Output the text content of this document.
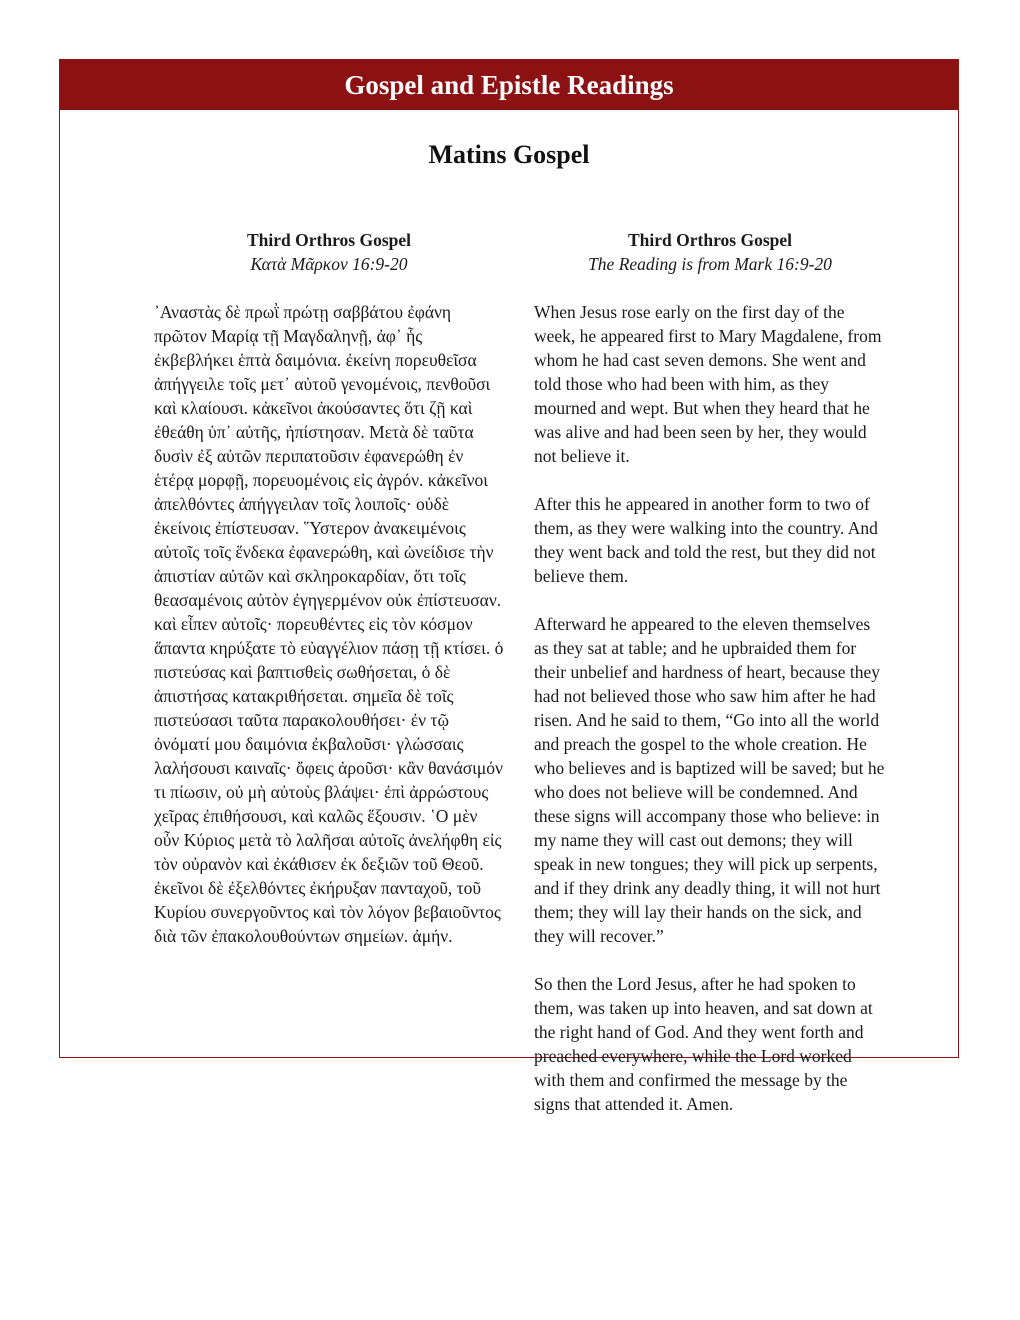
Gospel and Epistle Readings
Matins Gospel
Third Orthros Gospel
Κατὰ Μᾶρκον 16:9-20

᾿Αναστὰς δὲ πρωῒ πρώτῃ σαββάτου ἐφάνη πρῶτον Μαρίᾳ τῇ Μαγδαληνῇ, ἀφ᾿ ἧς ἐκβεβλήκει ἑπτὰ δαιμόνια. ἐκείνη πορευθεῖσα ἀπήγγειλε τοῖς μετ᾿ αὐτοῦ γενομένοις, πενθοῦσι καὶ κλαίουσι. κἀκεῖνοι ἀκούσαντες ὅτι ζῇ καὶ ἐθεάθη ὑπ᾿ αὐτῆς, ἠπίστησαν. Μετὰ δὲ ταῦτα δυσὶν ἐξ αὐτῶν περιπατοῦσιν ἐφανερώθη ἐν ἑτέρᾳ μορφῇ, πορευομένοις εἰς ἀγρόν. κἀκεῖνοι ἀπελθόντες ἀπήγγειλαν τοῖς λοιποῖς· οὐδὲ ἐκείνοις ἐπίστευσαν. ῞Υστερον ἀνακειμένοις αὐτοῖς τοῖς ἕνδεκα ἐφανερώθη, καὶ ὠνείδισε τὴν ἀπιστίαν αὐτῶν καὶ σκληροκαρδίαν, ὅτι τοῖς θεασαμένοις αὐτὸν ἐγηγερμένον οὐκ ἐπίστευσαν. καὶ εἶπεν αὐτοῖς· πορευθέντες εἰς τὸν κόσμον ἅπαντα κηρύξατε τὸ εὐαγγέλιον πάσῃ τῇ κτίσει. ὁ πιστεύσας καὶ βαπτισθεὶς σωθήσεται, ὁ δὲ ἀπιστήσας κατακριθήσεται. σημεῖα δὲ τοῖς πιστεύσασι ταῦτα παρακολουθήσει· ἐν τῷ ὀνόματί μου δαιμόνια ἐκβαλοῦσι· γλώσσαις λαλήσουσι καιναῖς· ὄφεις ἀροῦσι· κἂν θανάσιμόν τι πίωσιν, οὐ μὴ αὐτοὺς βλάψει· ἐπὶ ἀρρώστους χεῖρας ἐπιθήσουσι, καὶ καλῶς ἕξουσιν. ῾Ο μὲν οὖν Κύριος μετὰ τὸ λαλῆσαι αὐτοῖς ἀνελήφθη εἰς τὸν οὐρανὸν καὶ ἐκάθισεν ἐκ δεξιῶν τοῦ Θεοῦ. ἐκεῖνοι δὲ ἐξελθόντες ἐκήρυξαν πανταχοῦ, τοῦ Κυρίου συνεργοῦντος καὶ τὸν λόγον βεβαιοῦντος διὰ τῶν ἐπακολουθούντων σημείων. ἀμήν.

Third Orthros Gospel
The Reading is from Mark 16:9-20

When Jesus rose early on the first day of the week, he appeared first to Mary Magdalene, from whom he had cast seven demons. She went and told those who had been with him, as they mourned and wept. But when they heard that he was alive and had been seen by her, they would not believe it.

After this he appeared in another form to two of them, as they were walking into the country. And they went back and told the rest, but they did not believe them.

Afterward he appeared to the eleven themselves as they sat at table; and he upbraided them for their unbelief and hardness of heart, because they had not believed those who saw him after he had risen. And he said to them, “Go into all the world and preach the gospel to the whole creation. He who believes and is baptized will be saved; but he who does not believe will be condemned. And these signs will accompany those who believe: in my name they will cast out demons; they will speak in new tongues; they will pick up serpents, and if they drink any deadly thing, it will not hurt them; they will lay their hands on the sick, and they will recover.”

So then the Lord Jesus, after he had spoken to them, was taken up into heaven, and sat down at the right hand of God. And they went forth and preached everywhere, while the Lord worked with them and confirmed the message by the signs that attended it. Amen.
